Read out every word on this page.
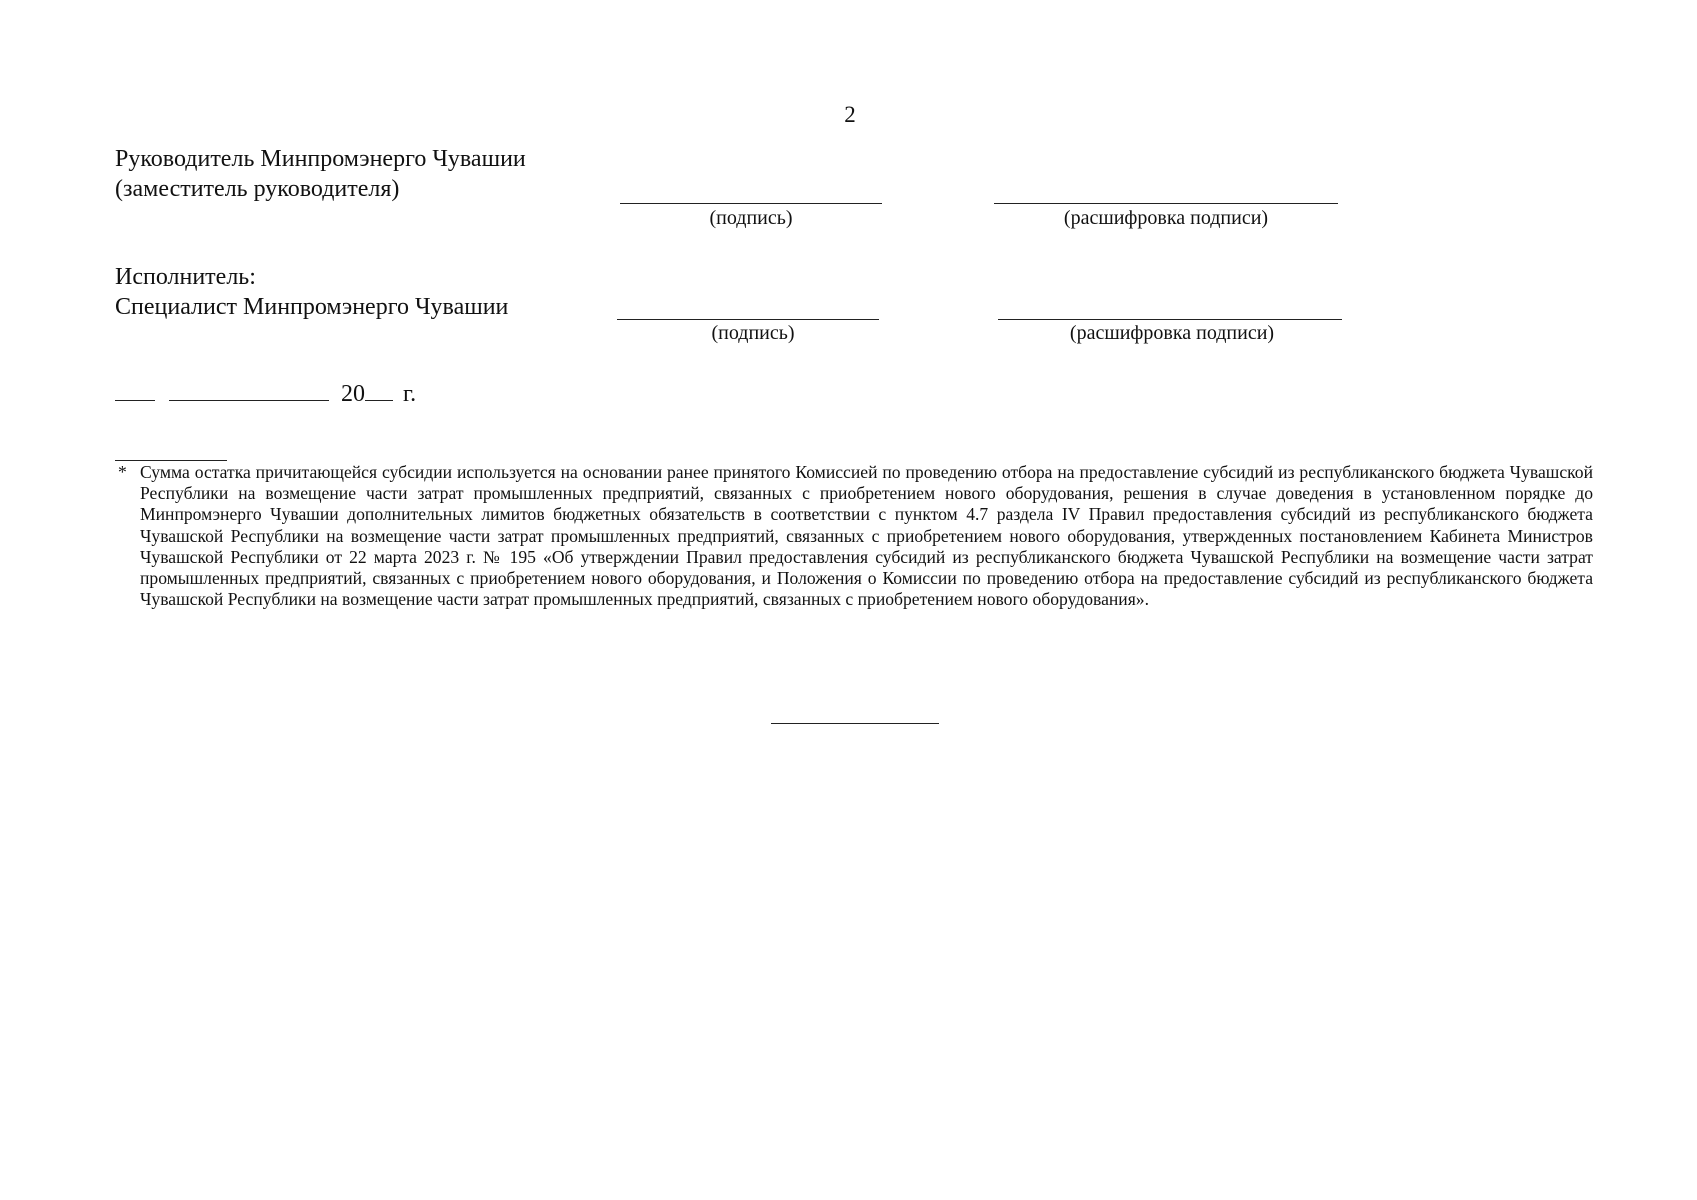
2
Руководитель Минпромэнерго Чувашии
(заместитель руководителя)
(подпись)	(расшифровка подписи)
Исполнитель:
Специалист Минпромэнерго Чувашии
(подпись)	(расшифровка подписи)
20 г.
* Сумма остатка причитающейся субсидии используется на основании ранее принятого Комиссией по проведению отбора на предоставление субсидий из республиканского бюджета Чувашской Республики на возмещение части затрат промышленных предприятий, связанных с приобретением нового оборудования, решения в случае доведения в установленном порядке до Минпромэнерго Чувашии дополнительных лимитов бюджетных обязательств в соответствии с пунктом 4.7 раздела IV Правил предоставления субсидий из республиканского бюджета Чувашской Республики на возмещение части затрат промышленных предприятий, связанных с приобретением нового оборудования, утвержденных постановлением Кабинета Министров Чувашской Республики от 22 марта 2023 г. № 195 «Об утверждении Правил предоставления субсидий из республиканского бюджета Чувашской Республики на возмещение части затрат промышленных предприятий, связанных с приобретением нового оборудования, и Положения о Комиссии по проведению отбора на предоставление субсидий из республиканского бюджета Чувашской Республики на возмещение части затрат промышленных предприятий, связанных с приобретением нового оборудования».
